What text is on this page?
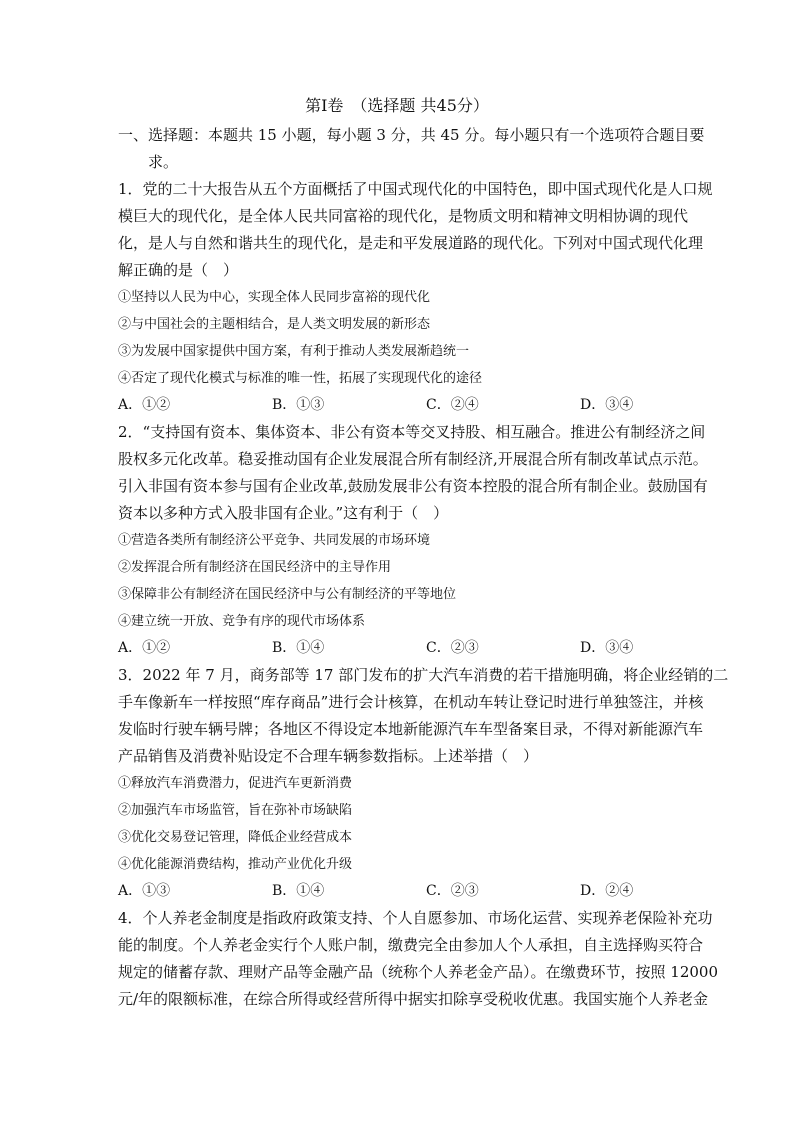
第Ⅰ卷　（选择题 共45分）
一、选择题：本题共 15 小题，每小题 3 分，共 45 分。每小题只有一个选项符合题目要
求。
1．党的二十大报告从五个方面概括了中国式现代化的中国特色，即中国式现代化是人口规
模巨大的现代化，是全体人民共同富裕的现代化，是物质文明和精神文明相协调的现代
化，是人与自然和谐共生的现代化，是走和平发展道路的现代化。下列对中国式现代化理
解正确的是（　）
①坚持以人民为中心，实现全体人民同步富裕的现代化
②与中国社会的主题相结合，是人类文明发展的新形态
③为发展中国家提供中国方案，有利于推动人类发展渐趋统一
④否定了现代化模式与标准的唯一性，拓展了实现现代化的途径
A．①②	B．①③	C．②④	D．③④
2．“支持国有资本、集体资本、非公有资本等交叉持股、相互融合。推进公有制经济之间
股权多元化改革。稳妥推动国有企业发展混合所有制经济,开展混合所有制改革试点示范。
引入非国有资本参与国有企业改革,鼓励发展非公有资本控股的混合所有制企业。鼓励国有
资本以多种方式入股非国有企业。”这有利于（　）
①营造各类所有制经济公平竞争、共同发展的市场环境
②发挥混合所有制经济在国民经济中的主导作用
③保障非公有制经济在国民经济中与公有制经济的平等地位
④建立统一开放、竞争有序的现代市场体系
A．①②	B．①④	C．②③	D．③④
3．2022 年 7 月，商务部等 17 部门发布的扩大汽车消费的若干措施明确，将企业经销的二
手车像新车一样按照“库存商品”进行会计核算，在机动车转让登记时进行单独签注，并核
发临时行驶车辆号牌；各地区不得设定本地新能源汽车车型备案目录，不得对新能源汽车
产品销售及消费补贴设定不合理车辆参数指标。上述举措（　）
①释放汽车消费潜力，促进汽车更新消费
②加强汽车市场监管，旨在弥补市场缺陷
③优化交易登记管理，降低企业经营成本
④优化能源消费结构，推动产业优化升级
A．①③	B．①④	C．②③	D．②④
4．个人养老金制度是指政府政策支持、个人自愿参加、市场化运营、实现养老保险补充功
能的制度。个人养老金实行个人账户制，缴费完全由参加人个人承担，自主选择购买符合
规定的储蓄存款、理财产品等金融产品（统称个人养老金产品）。在缴费环节，按照 12000
元/年的限额标准，在综合所得或经营所得中据实扣除享受税收优惠。我国实施个人养老金
